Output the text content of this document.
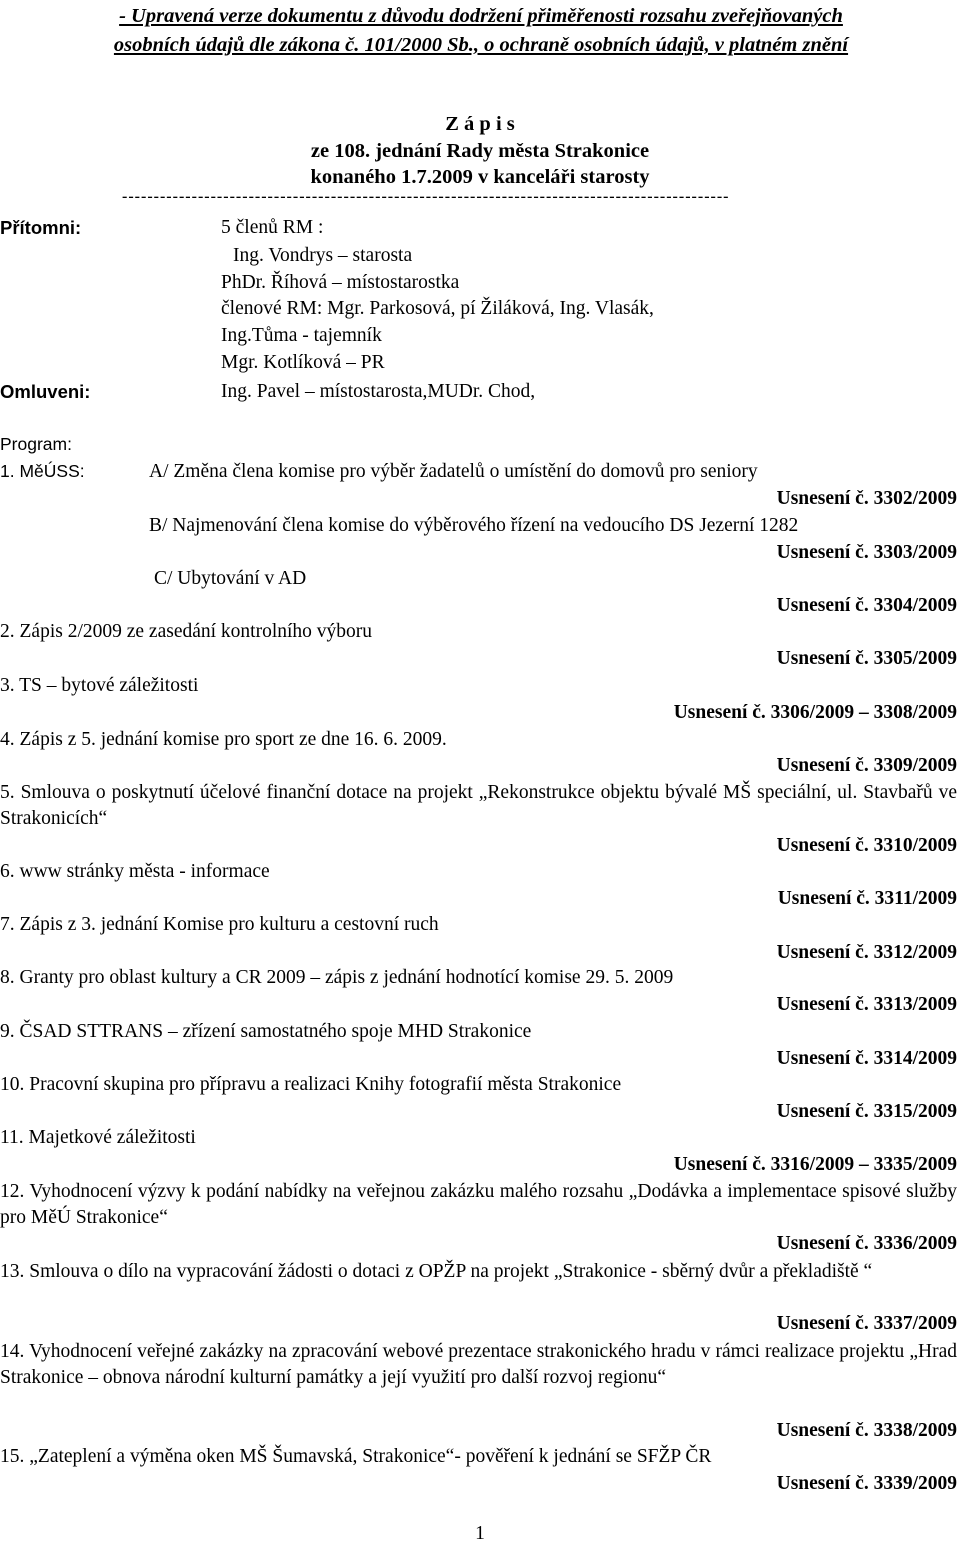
- Upravená verze dokumentu z důvodu dodržení přiměřenosti rozsahu zveřejňovaných
osobních údajů dle zákona č. 101/2000 Sb., o ochraně osobních údajů, v platném znění
Z á p i s
ze 108. jednání Rady města Strakonice
konaného 1.7.2009 v kanceláři starosty
------------------------------------------------------------------------------------------------
Přítomni:	5 členů RM :
Ing. Vondrys – starosta
PhDr. Říhová – místostarostka
členové RM: Mgr. Parkosová, pí Žiláková, Ing. Vlasák,
Ing.Tůma - tajemník
Mgr. Kotlíková – PR
Omluveni:	Ing. Pavel – místostarosta,MUDr. Chod,
Program:
1. MěÚSS:	A/ Změna člena komise pro výběr žadatelů o umístění do domovů pro seniory
Usnesení č. 3302/2009
B/ Najmenování člena komise do výběrového řízení na vedoucího DS Jezerní 1282
Usnesení č. 3303/2009
C/ Ubytování v AD
Usnesení č. 3304/2009
2. Zápis 2/2009 ze zasedání kontrolního výboru
Usnesení č. 3305/2009
3. TS – bytové záležitosti
Usnesení č. 3306/2009 – 3308/2009
4. Zápis z 5. jednání komise pro sport ze dne 16. 6. 2009.
Usnesení č. 3309/2009
5. Smlouva o poskytnutí účelové finanční dotace na projekt „Rekonstrukce objektu bývalé MŠ speciální, ul. Stavbařů ve Strakonicích“
Usnesení č. 3310/2009
6. www stránky města - informace
Usnesení č. 3311/2009
7. Zápis z 3. jednání Komise pro kulturu a cestovní ruch
Usnesení č. 3312/2009
8. Granty pro oblast kultury a CR 2009 – zápis z jednání hodnotící komise 29. 5. 2009
Usnesení č. 3313/2009
9. ČSAD STTRANS – zřízení samostatného spoje MHD Strakonice
Usnesení č. 3314/2009
10. Pracovní skupina pro přípravu a realizaci Knihy fotografií města Strakonice
Usnesení č. 3315/2009
11. Majetkové záležitosti
Usnesení č. 3316/2009 – 3335/2009
12. Vyhodnocení výzvy k podání nabídky na veřejnou zakázku malého rozsahu „Dodávka a implementace spisové služby pro MěÚ Strakonice“
Usnesení č. 3336/2009
13. Smlouva o dílo na vypracování žádosti o dotaci z OPŽP na projekt „Strakonice - sběrný dvůr a překladiště “
Usnesení č. 3337/2009
14. Vyhodnocení veřejné zakázky na zpracování webové prezentace strakonického hradu v rámci realizace projektu „Hrad Strakonice – obnova národní kulturní památky a její využití pro další rozvoj regionu“
Usnesení č. 3338/2009
15. „Zateplení a výměna oken MŠ Šumavská, Strakonice“- pověření k jednání se SFŽP ČR
Usnesení č. 3339/2009
1
